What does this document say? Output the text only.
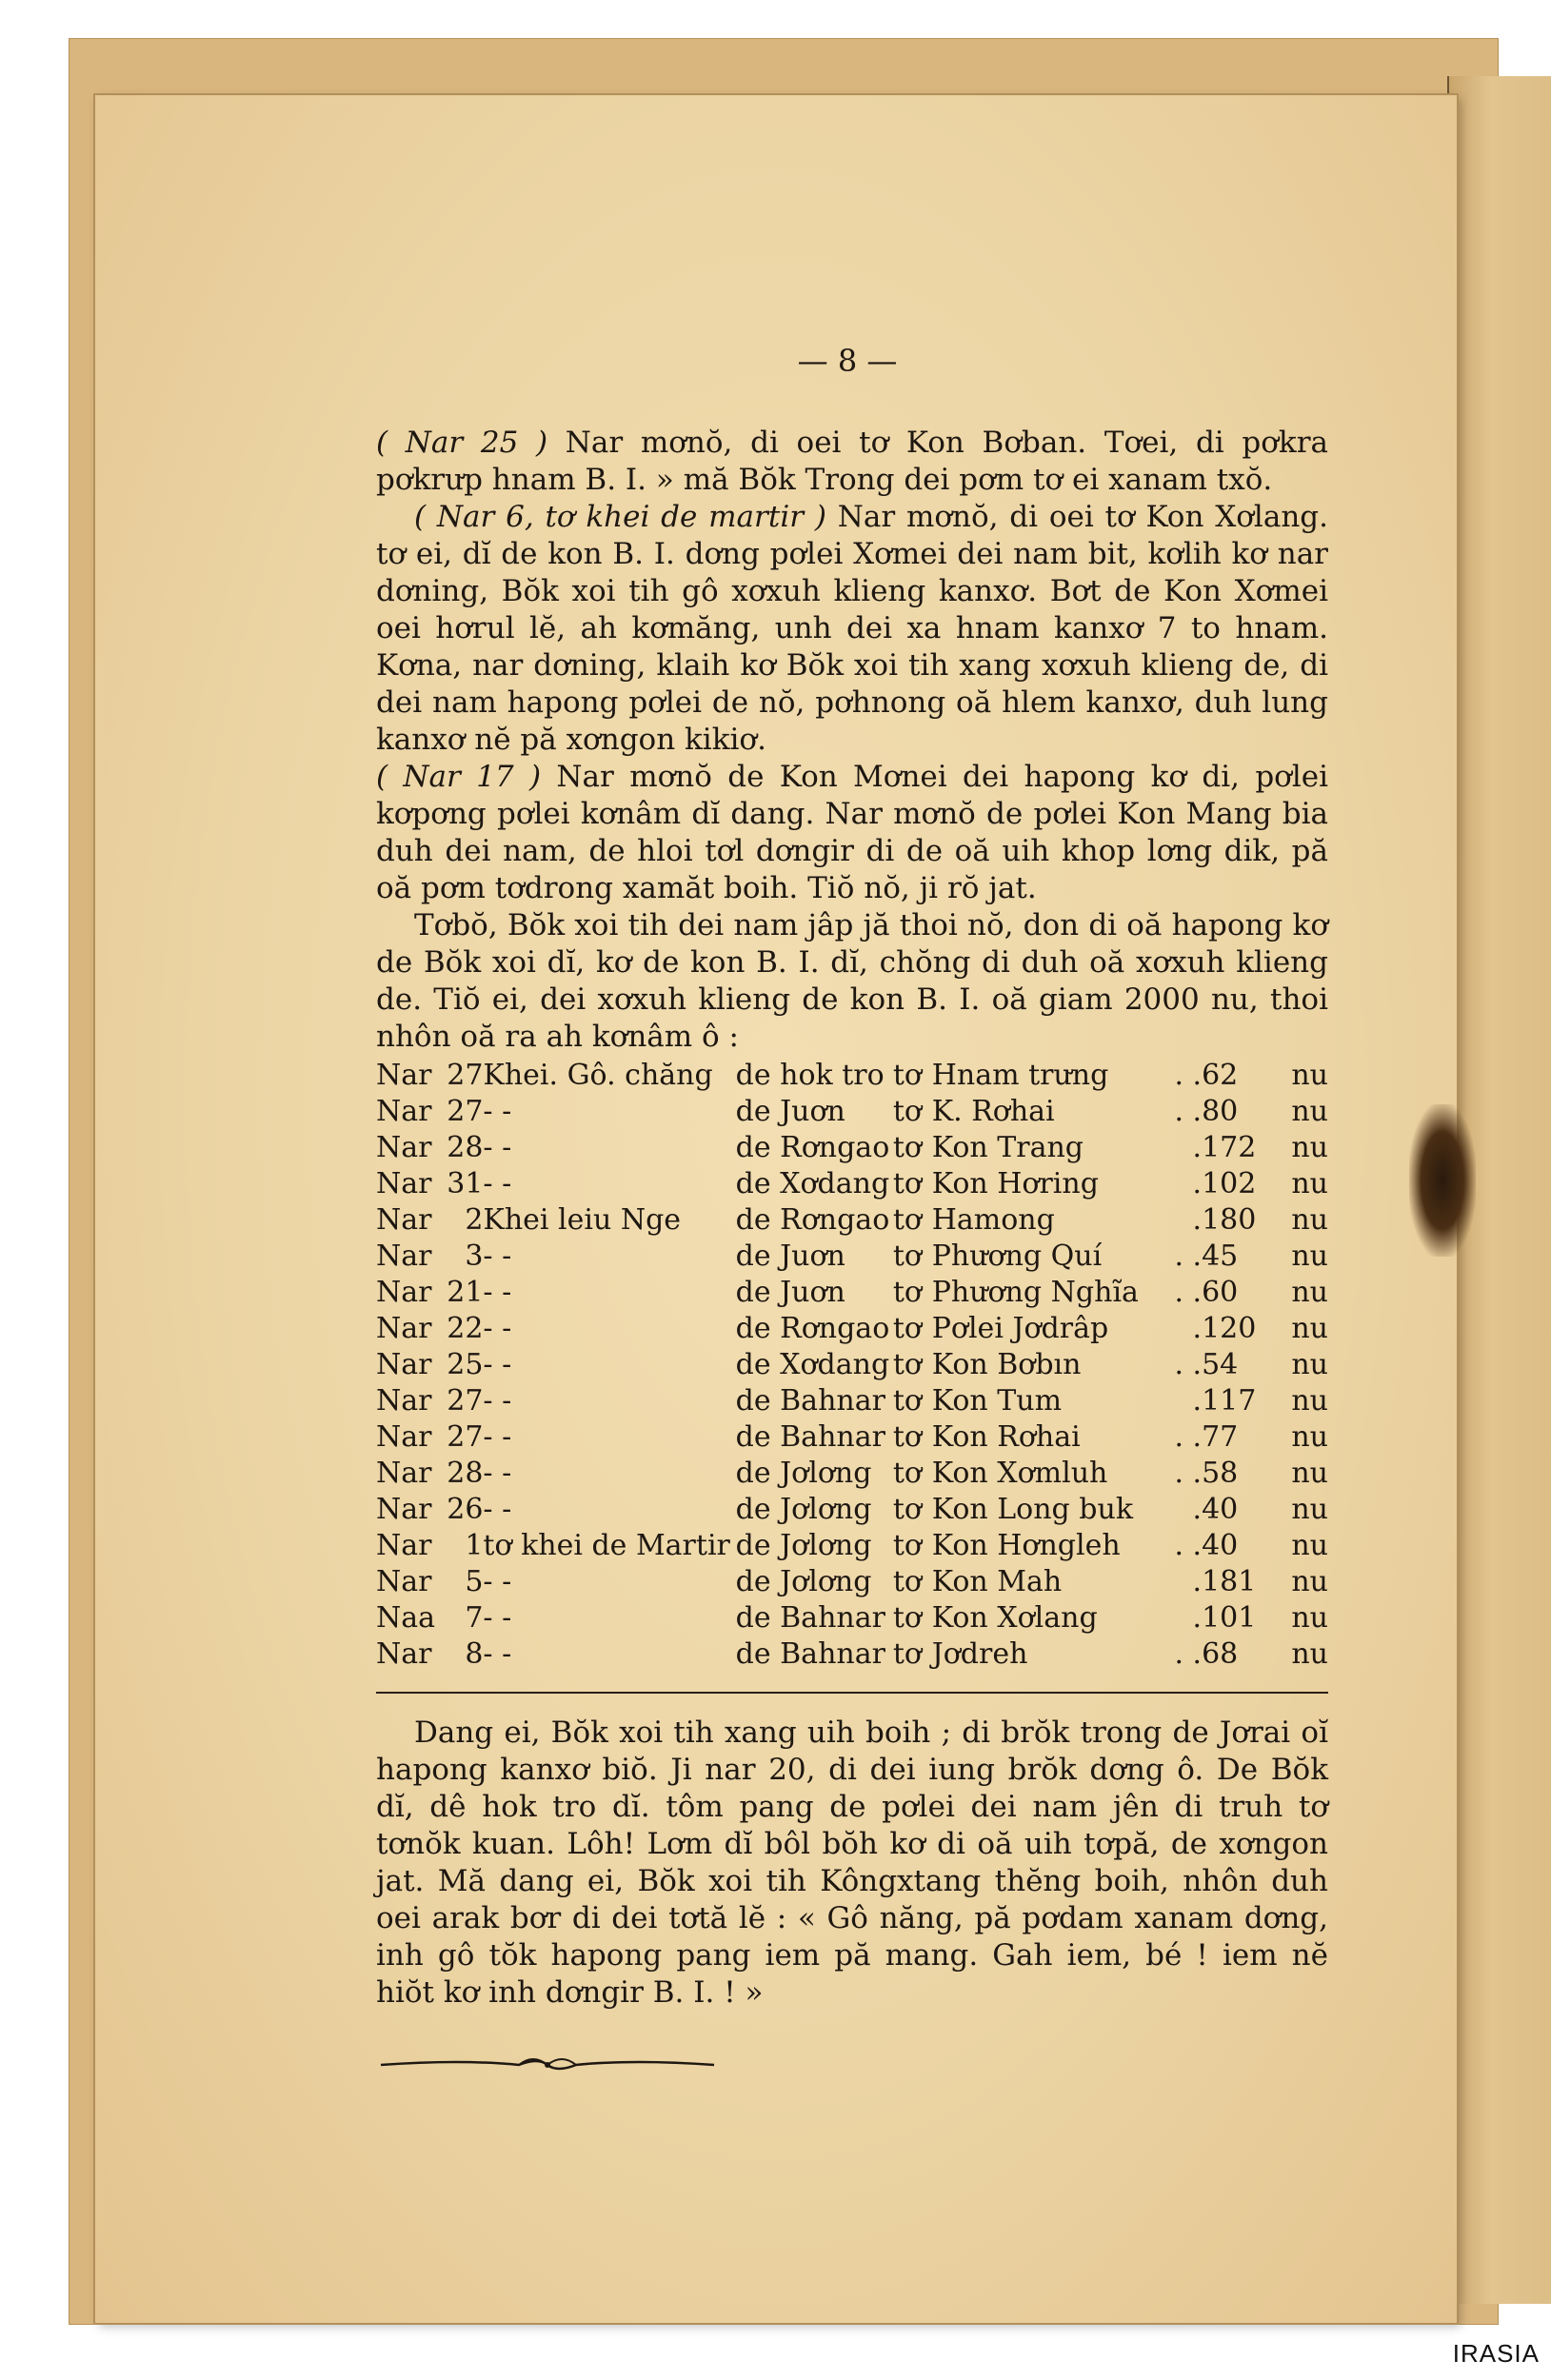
— 8 —

( Nar 25 ) Nar mơnŏ, di oei tơ Kon Bơban. Tơei, di pơkra pơkrưp hnam B. I. » mă Bŏk Trong dei pơm tơ ei xanam txŏ.

( Nar 6, tơ khei de martir ) Nar mơnŏ, di oei tơ Kon Xơlang. tơ ei, dĭ de kon B. I. dơng pơlei Xơmei dei nam bit, kơlih kơ nar dơning, Bŏk xoi tih gô xơxuh klieng kanxơ. Bơt de Kon Xơmei oei hơrul lĕ, ah kơmăng, unh dei xa hnam kanxơ 7 to hnam. Kơna, nar dơning, klaih kơ Bŏk xoi tih xang xơxuh klieng de, di dei nam hapong pơlei de nŏ, pơhnong oă hlem kanxơ, duh lung kanxơ nĕ pă xơngon kikiơ.

( Nar 17 ) Nar mơnŏ de Kon Mơnei dei hapong kơ di, pơlei kơpơng pơlei kơnâm dĭ dang. Nar mơnŏ de pơlei Kon Mang bia duh dei nam, de hloi tơl dơngir di de oă uih khop lơng dik, pă oă pơm tơdrong xamăt boih. Tiŏ nŏ, ji rŏ jat.

Tơbŏ, Bŏk xoi tih dei nam jâp jă thoi nŏ, don di oă hapong kơ de Bŏk xoi dĭ, kơ de kon B. I. dĭ, chŏng di duh oă xơxuh klieng de. Tiŏ ei, dei xơxuh klieng de kon B. I. oă giam 2000 nu, thoi nhôn oă ra ah kơnâm ô :

Nar	27	Khei. Gô. chăng	de hok tro	tơ	Hnam trưng	. .	62	nu
Nar	27	- -	de Juơn	tơ	K. Rơhai	. .	80	nu
Nar	28	- -	de Rơngao	tơ	Kon Trang	.	172	nu
Nar	31	- -	de Xơdang	tơ	Kon Hơring	.	102	nu
Nar	2	Khei leiu Nge	de Rơngao	tơ	Hamong	.	180	nu
Nar	3	- -	de Juơn	tơ	Phương Quí	. .	45	nu
Nar	21	- -	de Juơn	tơ	Phương Nghĩa	. .	60	nu
Nar	22	- -	de Rơngao	tơ	Pơlei Jơdrâp	.	120	nu
Nar	25	- -	de Xơdang	tơ	Kon Bơbın	. .	54	nu
Nar	27	- -	de Bahnar	tơ	Kon Tum	.	117	nu
Nar	27	- -	de Bahnar	tơ	Kon Rơhai	. .	77	nu
Nar	28	- -	de Jơlơng	tơ	Kon Xơmluh	. .	58	nu
Nar	26	- -	de Jơlơng	tơ	Kon Long buk	.	40	nu
Nar	1	tơ khei de Martir	de Jơlơng	tơ	Kon Hơngleh	. .	40	nu
Nar	5	- -	de Jơlơng	tơ	Kon Mah	.	181	nu
Naa	7	- -	de Bahnar	tơ	Kon Xơlang	.	101	nu
Nar	8	- -	de Bahnar	tơ	Jơdreh	. .	68	nu

Dang ei, Bŏk xoi tih xang uih boih ; di brŏk trong de Jơrai oĭ hapong kanxơ biŏ. Ji nar 20, di dei iung brŏk dơng ô. De Bŏk dĭ, dê hok tro dĭ. tôm pang de pơlei dei nam jên di truh tơ tơnŏk kuan. Lôh! Lơm dĭ bôl bŏh kơ di oă uih tơpă, de xơngon jat. Mă dang ei, Bŏk xoi tih Kôngxtang thĕng boih, nhôn duh oei arak bơr di dei tơtă lĕ : « Gô năng, pă pơdam xanam dơng, inh gô tŏk hapong pang iem pă mang. Gah iem, bé ! iem nĕ hiŏt kơ inh dơngir B. I. ! »

IRASIA
